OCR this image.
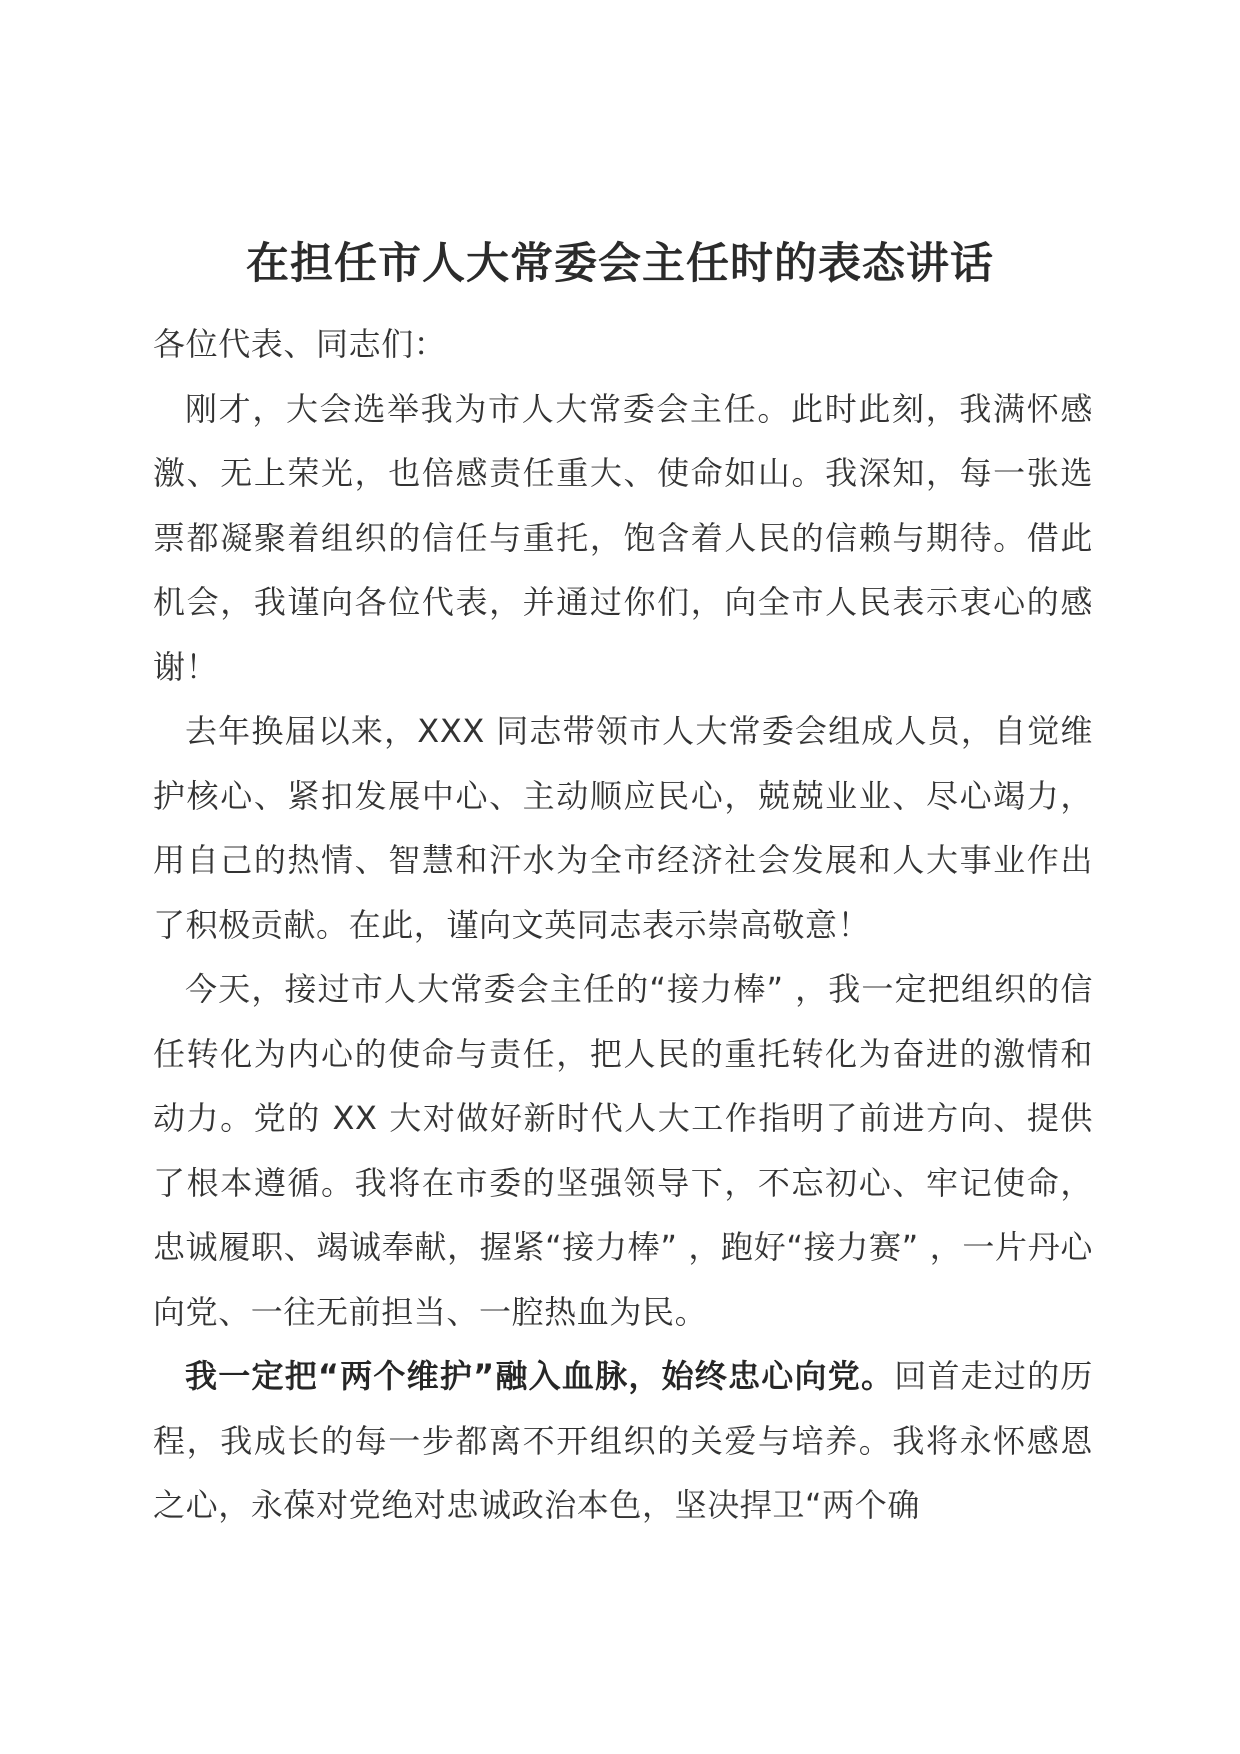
在担任市人大常委会主任时的表态讲话

各位代表、同志们：

刚才，大会选举我为市人大常委会主任。此时此刻，我满怀感激、无上荣光，也倍感责任重大、使命如山。我深知，每一张选票都凝聚着组织的信任与重托，饱含着人民的信赖与期待。借此机会，我谨向各位代表，并通过你们，向全市人民表示衷心的感谢！

去年换届以来，XXX 同志带领市人大常委会组成人员，自觉维护核心、紧扣发展中心、主动顺应民心，兢兢业业、尽心竭力，用自己的热情、智慧和汗水为全市经济社会发展和人大事业作出了积极贡献。在此，谨向文英同志表示崇高敬意！

今天，接过市人大常委会主任的“接力棒” ，我一定把组织的信任转化为内心的使命与责任，把人民的重托转化为奋进的激情和动力。党的 XX 大对做好新时代人大工作指明了前进方向、提供了根本遵循。我将在市委的坚强领导下，不忘初心、牢记使命，忠诚履职、竭诚奉献，握紧“接力棒” ，跑好“接力赛” ，一片丹心向党、一往无前担当、一腔热血为民。

我一定把“两个维护”融入血脉，始终忠心向党。回首走过的历程，我成长的每一步都离不开组织的关爱与培养。我将永怀感恩之心，永葆对党绝对忠诚政治本色，坚决捍卫“两个确
